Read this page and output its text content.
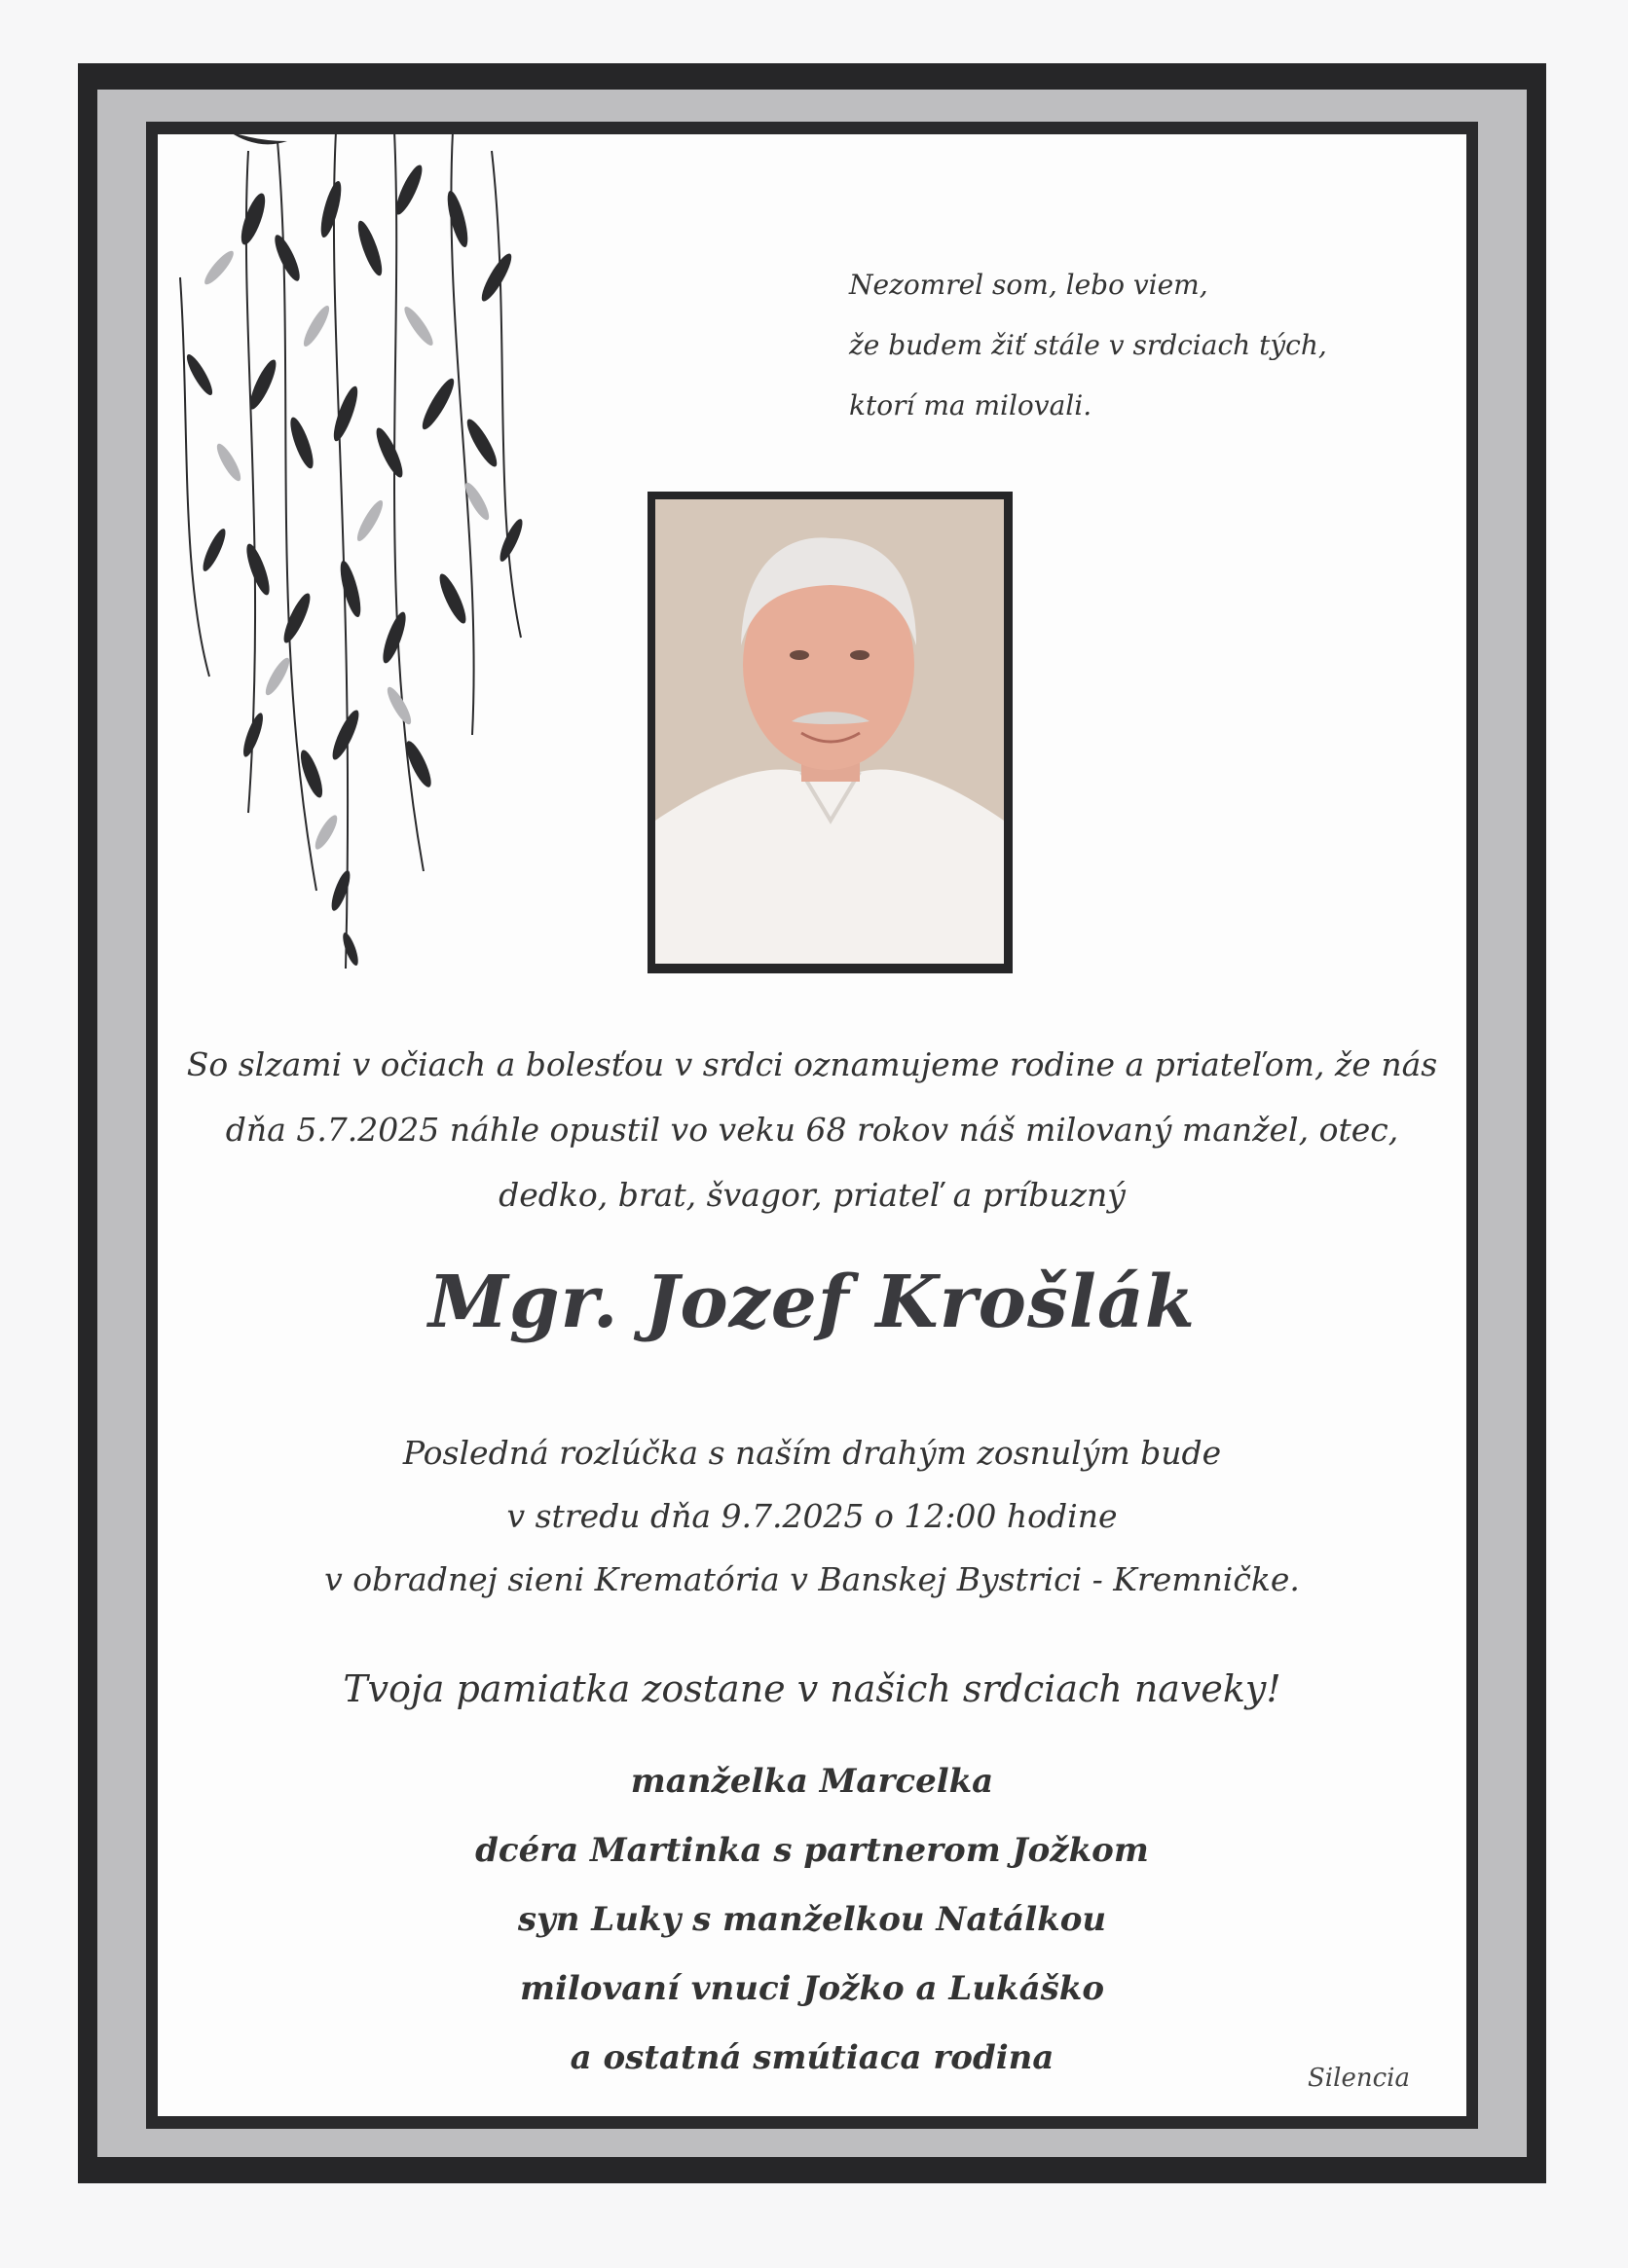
Nezomrel som, lebo viem,
že budem žiť stále v srdciach tých,
ktorí ma milovali.
So slzami v očiach a bolesťou v srdci oznamujeme rodine a priateľom, že nás
dňa 5.7.2025 náhle opustil vo veku 68 rokov náš milovaný manžel, otec,
dedko, brat, švagor, priateľ a príbuzný
Mgr. Jozef Krošlák
Posledná rozlúčka s naším drahým zosnulým bude
v stredu dňa 9.7.2025 o 12:00 hodine
v obradnej sieni Krematória v Banskej Bystrici - Kremničke.
Tvoja pamiatka zostane v našich srdciach naveky!
manželka Marcelka
dcéra Martinka s partnerom Jožkom
syn Luky s manželkou Natálkou
milovaní vnuci Jožko a Lukáško
a ostatná smútiaca rodina
Silencia
